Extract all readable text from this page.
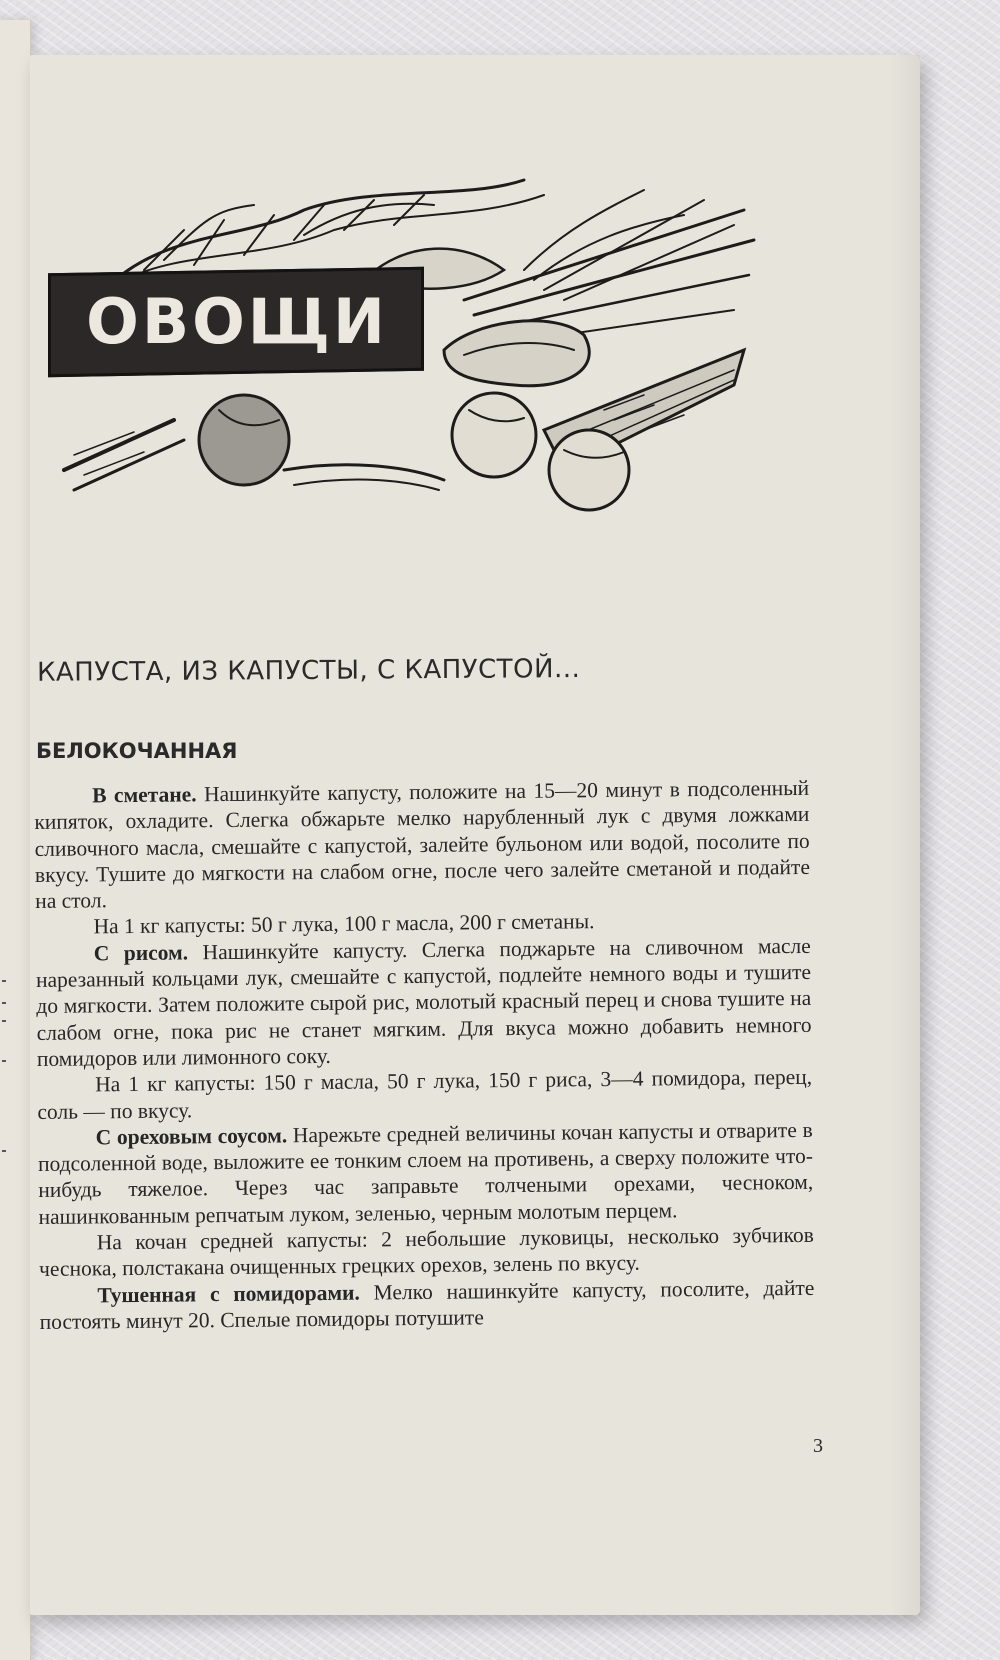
ОВОЩИ
КАПУСТА, ИЗ КАПУСТЫ, С КАПУСТОЙ...
БЕЛОКОЧАННАЯ

В сметане. Нашинкуйте капусту, положите на 15—20 минут в подсоленный кипяток, охладите. Слегка обжарьте мелко нарубленный лук с двумя ложками сливочного масла, смешайте с капустой, залейте бульоном или водой, посолите по вкусу. Тушите до мягкости на слабом огне, после чего залейте сметаной и подайте на стол.

На 1 кг капусты: 50 г лука, 100 г масла, 200 г сметаны.

С рисом. Нашинкуйте капусту. Слегка поджарьте на сливочном масле нарезанный кольцами лук, смешайте с капустой, подлейте немного воды и тушите до мягкости. Затем положите сырой рис, молотый красный перец и снова тушите на слабом огне, пока рис не станет мягким. Для вкуса можно добавить немного помидоров или лимонного соку.

На 1 кг капусты: 150 г масла, 50 г лука, 150 г риса, 3—4 помидора, перец, соль — по вкусу.

С ореховым соусом. Нарежьте средней величины кочан капусты и отварите в подсоленной воде, выложите ее тонким слоем на противень, а сверху положите что-нибудь тяжелое. Через час заправьте толчеными орехами, чесноком, нашинкованным репчатым луком, зеленью, черным молотым перцем.

На кочан средней капусты: 2 небольшие луковицы, несколько зубчиков чеснока, полстакана очищенных грецких орехов, зелень по вкусу.

Тушенная с помидорами. Мелко нашинкуйте капусту, посолите, дайте постоять минут 20. Спелые помидоры потушите

3
